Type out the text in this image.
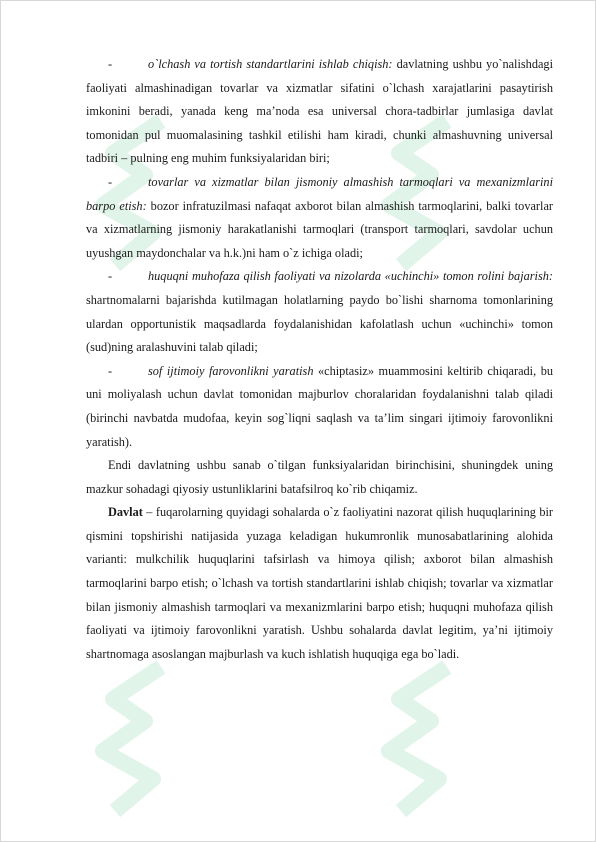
-	o`lchash va tortish standartlarini ishlab chiqish: davlatning ushbu yo`nalishdagi faoliyati almashinadigan tovarlar va xizmatlar sifatini o`lchash xarajatlarini pasaytirish imkonini beradi, yanada keng ma’noda esa universal chora-tadbirlar jumlasiga davlat tomonidan pul muomalasining tashkil etilishi ham kiradi, chunki almashuvning universal tadbiri – pulning eng muhim funksiyalaridan biri;

-	tovarlar va xizmatlar bilan jismoniy almashish tarmoqlari va mexanizmlarini barpo etish: bozor infratuzilmasi nafaqat axborot bilan almashish tarmoqlarini, balki tovarlar va xizmatlarning jismoniy harakatlanishi tarmoqlari (transport tarmoqlari, savdolar uchun uyushgan maydonchalar va h.k.)ni ham o`z ichiga oladi;

-	huquqni muhofaza qilish faoliyati va nizolarda «uchinchi» tomon rolini bajarish: shartnomalarni bajarishda kutilmagan holatlarning paydo bo`lishi sharnoma tomonlarining ulardan opportunistik maqsadlarda foydalanishidan kafolatlash uchun «uchinchi» tomon (sud)ning aralashuvini talab qiladi;

-	sof ijtimoiy farovonlikni yaratish «chiptasiz» muammosini keltirib chiqaradi, bu uni moliyalash uchun davlat tomonidan majburlov choralaridan foydalanishni talab qiladi (birinchi navbatda mudofaa, keyin sog`liqni saqlash va ta’lim singari ijtimoiy farovonlikni yaratish).

Endi davlatning ushbu sanab o`tilgan funksiyalaridan birinchisini, shuningdek uning mazkur sohadagi qiyosiy ustunliklarini batafsilroq ko`rib chiqamiz.

Davlat – fuqarolarning quyidagi sohalarda o`z faoliyatini nazorat qilish huquqlarining bir qismini topshirishi natijasida yuzaga keladigan hukumronlik munosabatlarining alohida varianti: mulkchilik huquqlarini tafsirlash va himoya qilish; axborot bilan almashish tarmoqlarini barpo etish; o`lchash va tortish standartlarini ishlab chiqish; tovarlar va xizmatlar bilan jismoniy almashish tarmoqlari va mexanizmlarini barpo etish; huquqni muhofaza qilish faoliyati va ijtimoiy farovonlikni yaratish. Ushbu sohalarda davlat legitim, ya’ni ijtimoiy shartnomaga asoslangan majburlash va kuch ishlatish huquqiga ega bo`ladi.
